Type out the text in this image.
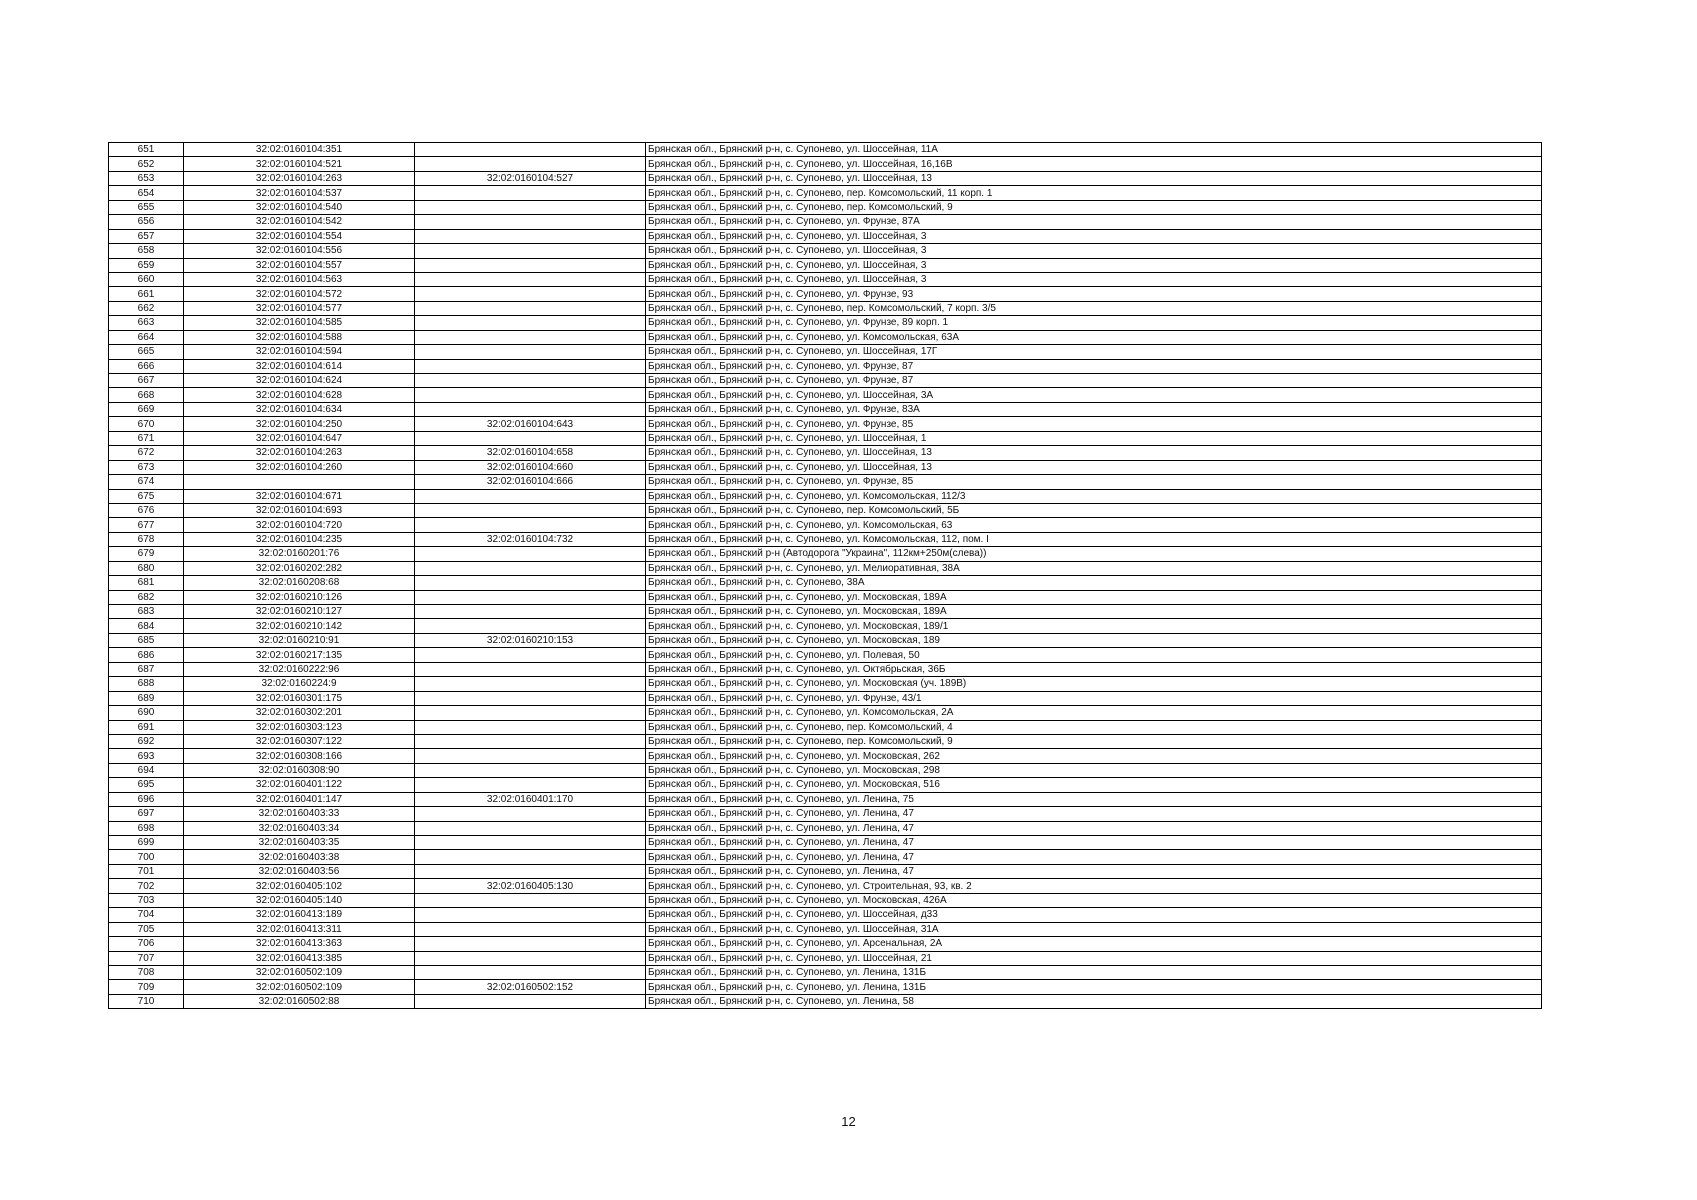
651	32:02:0160104:351		Брянская обл., Брянский р-н, с. Супонево, ул. Шоссейная, 11А
652	32:02:0160104:521		Брянская обл., Брянский р-н, с. Супонево, ул. Шоссейная, 16,16В
653	32:02:0160104:263	32:02:0160104:527	Брянская обл., Брянский р-н, с. Супонево, ул. Шоссейная, 13
654	32:02:0160104:537		Брянская обл., Брянский р-н, с. Супонево, пер. Комсомольский, 11 корп. 1
655	32:02:0160104:540		Брянская обл., Брянский р-н, с. Супонево, пер. Комсомольский, 9
656	32:02:0160104:542		Брянская обл., Брянский р-н, с. Супонево, ул. Фрунзе, 87А
657	32:02:0160104:554		Брянская обл., Брянский р-н, с. Супонево, ул. Шоссейная, 3
658	32:02:0160104:556		Брянская обл., Брянский р-н, с. Супонево, ул. Шоссейная, 3
659	32:02:0160104:557		Брянская обл., Брянский р-н, с. Супонево, ул. Шоссейная, 3
660	32:02:0160104:563		Брянская обл., Брянский р-н, с. Супонево, ул. Шоссейная, 3
661	32:02:0160104:572		Брянская обл., Брянский р-н, с. Супонево, ул. Фрунзе, 93
662	32:02:0160104:577		Брянская обл., Брянский р-н, с. Супонево, пер. Комсомольский, 7 корп. 3/5
663	32:02:0160104:585		Брянская обл., Брянский р-н, с. Супонево, ул. Фрунзе, 89 корп. 1
664	32:02:0160104:588		Брянская обл., Брянский р-н, с. Супонево, ул. Комсомольская, 63А
665	32:02:0160104:594		Брянская обл., Брянский р-н, с. Супонево, ул. Шоссейная, 17Г
666	32:02:0160104:614		Брянская обл., Брянский р-н, с. Супонево, ул. Фрунзе, 87
667	32:02:0160104:624		Брянская обл., Брянский р-н, с. Супонево, ул. Фрунзе, 87
668	32:02:0160104:628		Брянская обл., Брянский р-н, с. Супонево, ул. Шоссейная, 3А
669	32:02:0160104:634		Брянская обл., Брянский р-н, с. Супонево, ул. Фрунзе, 83А
670	32:02:0160104:250	32:02:0160104:643	Брянская обл., Брянский р-н, с. Супонево, ул. Фрунзе, 85
671	32:02:0160104:647		Брянская обл., Брянский р-н, с. Супонево, ул. Шоссейная, 1
672	32:02:0160104:263	32:02:0160104:658	Брянская обл., Брянский р-н, с. Супонево, ул. Шоссейная, 13
673	32:02:0160104:260	32:02:0160104:660	Брянская обл., Брянский р-н, с. Супонево, ул. Шоссейная, 13
674		32:02:0160104:666	Брянская обл., Брянский р-н, с. Супонево, ул. Фрунзе, 85
675	32:02:0160104:671		Брянская обл., Брянский р-н, с. Супонево, ул. Комсомольская, 112/3
676	32:02:0160104:693		Брянская обл., Брянский р-н, с. Супонево, пер. Комсомольский, 5Б
677	32:02:0160104:720		Брянская обл., Брянский р-н, с. Супонево, ул. Комсомольская, 63
678	32:02:0160104:235	32:02:0160104:732	Брянская обл., Брянский р-н, с. Супонево, ул. Комсомольская, 112, пом. I
679	32:02:0160201:76		Брянская обл., Брянский р-н (Автодорога "Украина", 112км+250м(слева))
680	32:02:0160202:282		Брянская обл., Брянский р-н, с. Супонево, ул. Мелиоративная, 38А
681	32:02:0160208:68		Брянская обл., Брянский р-н, с. Супонево, 38А
682	32:02:0160210:126		Брянская обл., Брянский р-н, с. Супонево, ул. Московская, 189А
683	32:02:0160210:127		Брянская обл., Брянский р-н, с. Супонево, ул. Московская, 189А
684	32:02:0160210:142		Брянская обл., Брянский р-н, с. Супонево, ул. Московская, 189/1
685	32:02:0160210:91	32:02:0160210:153	Брянская обл., Брянский р-н, с. Супонево, ул. Московская, 189
686	32:02:0160217:135		Брянская обл., Брянский р-н, с. Супонево, ул. Полевая, 50
687	32:02:0160222:96		Брянская обл., Брянский р-н, с. Супонево, ул. Октябрьская, 36Б
688	32:02:0160224:9		Брянская обл., Брянский р-н, с. Супонево, ул. Московская (уч. 189В)
689	32:02:0160301:175		Брянская обл., Брянский р-н, с. Супонево, ул. Фрунзе, 43/1
690	32:02:0160302:201		Брянская обл., Брянский р-н, с. Супонево, ул. Комсомольская, 2А
691	32:02:0160303:123		Брянская обл., Брянский р-н, с. Супонево, пер. Комсомольский, 4
692	32:02:0160307:122		Брянская обл., Брянский р-н, с. Супонево, пер. Комсомольский, 9
693	32:02:0160308:166		Брянская обл., Брянский р-н, с. Супонево, ул. Московская, 262
694	32:02:0160308:90		Брянская обл., Брянский р-н, с. Супонево, ул. Московская, 298
695	32:02:0160401:122		Брянская обл., Брянский р-н, с. Супонево, ул. Московская, 516
696	32:02:0160401:147	32:02:0160401:170	Брянская обл., Брянский р-н, с. Супонево, ул. Ленина, 75
697	32:02:0160403:33		Брянская обл., Брянский р-н, с. Супонево, ул. Ленина, 47
698	32:02:0160403:34		Брянская обл., Брянский р-н, с. Супонево, ул. Ленина, 47
699	32:02:0160403:35		Брянская обл., Брянский р-н, с. Супонево, ул. Ленина, 47
700	32:02:0160403:38		Брянская обл., Брянский р-н, с. Супонево, ул. Ленина, 47
701	32:02:0160403:56		Брянская обл., Брянский р-н, с. Супонево, ул. Ленина, 47
702	32:02:0160405:102	32:02:0160405:130	Брянская обл., Брянский р-н, с. Супонево, ул. Строительная, 93, кв. 2
703	32:02:0160405:140		Брянская обл., Брянский р-н, с. Супонево, ул. Московская, 426А
704	32:02:0160413:189		Брянская обл., Брянский р-н, с. Супонево, ул. Шоссейная, д33
705	32:02:0160413:311		Брянская обл., Брянский р-н, с. Супонево, ул. Шоссейная, 31А
706	32:02:0160413:363		Брянская обл., Брянский р-н, с. Супонево, ул. Арсенальная, 2А
707	32:02:0160413:385		Брянская обл., Брянский р-н, с. Супонево, ул. Шоссейная, 21
708	32:02:0160502:109		Брянская обл., Брянский р-н, с. Супонево, ул. Ленина, 131Б
709	32:02:0160502:109	32:02:0160502:152	Брянская обл., Брянский р-н, с. Супонево, ул. Ленина, 131Б
710	32:02:0160502:88		Брянская обл., Брянский р-н, с. Супонево, ул. Ленина, 58
12
